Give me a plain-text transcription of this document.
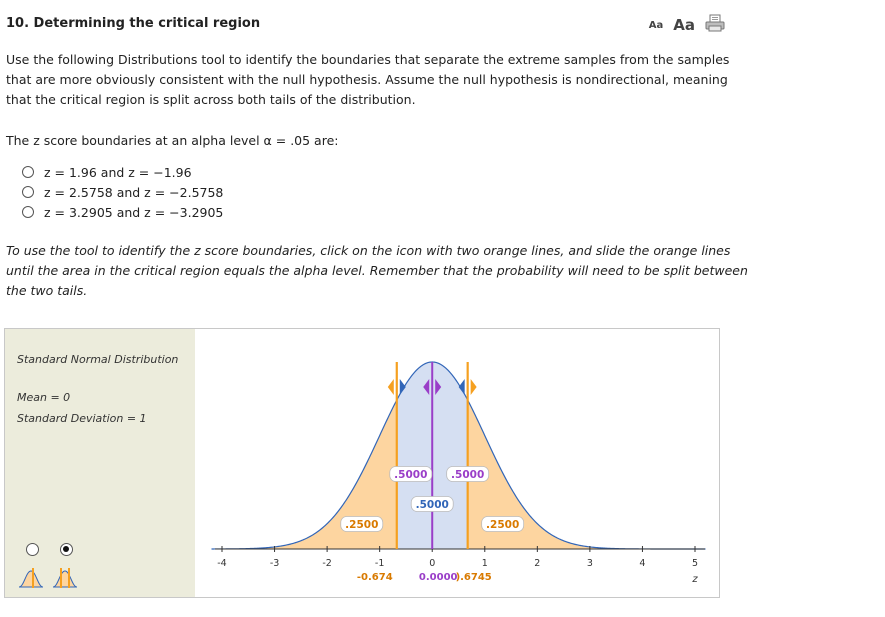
10. Determining the critical region	Aa Aa
Use the following Distributions tool to identify the boundaries that separate the extreme samples from the samples
that are more obviously consistent with the null hypothesis. Assume the null hypothesis is nondirectional, meaning
that the critical region is split across both tails of the distribution.
The z score boundaries at an alpha level α = .05 are:
z = 1.96 and z = −1.96
z = 2.5758 and z = −2.5758
z = 3.2905 and z = −3.2905
To use the tool to identify the z score boundaries, click on the icon with two orange lines, and slide the orange lines
until the area in the critical region equals the alpha level. Remember that the probability will need to be split between
the two tails.
Standard Normal Distribution
Mean = 0
Standard Deviation = 1
-4	-3	-2	-1	0	1	2	3	4	5
.5000 .5000
.5000
.2500	.2500
-0.674	0.0000
).6745	z
